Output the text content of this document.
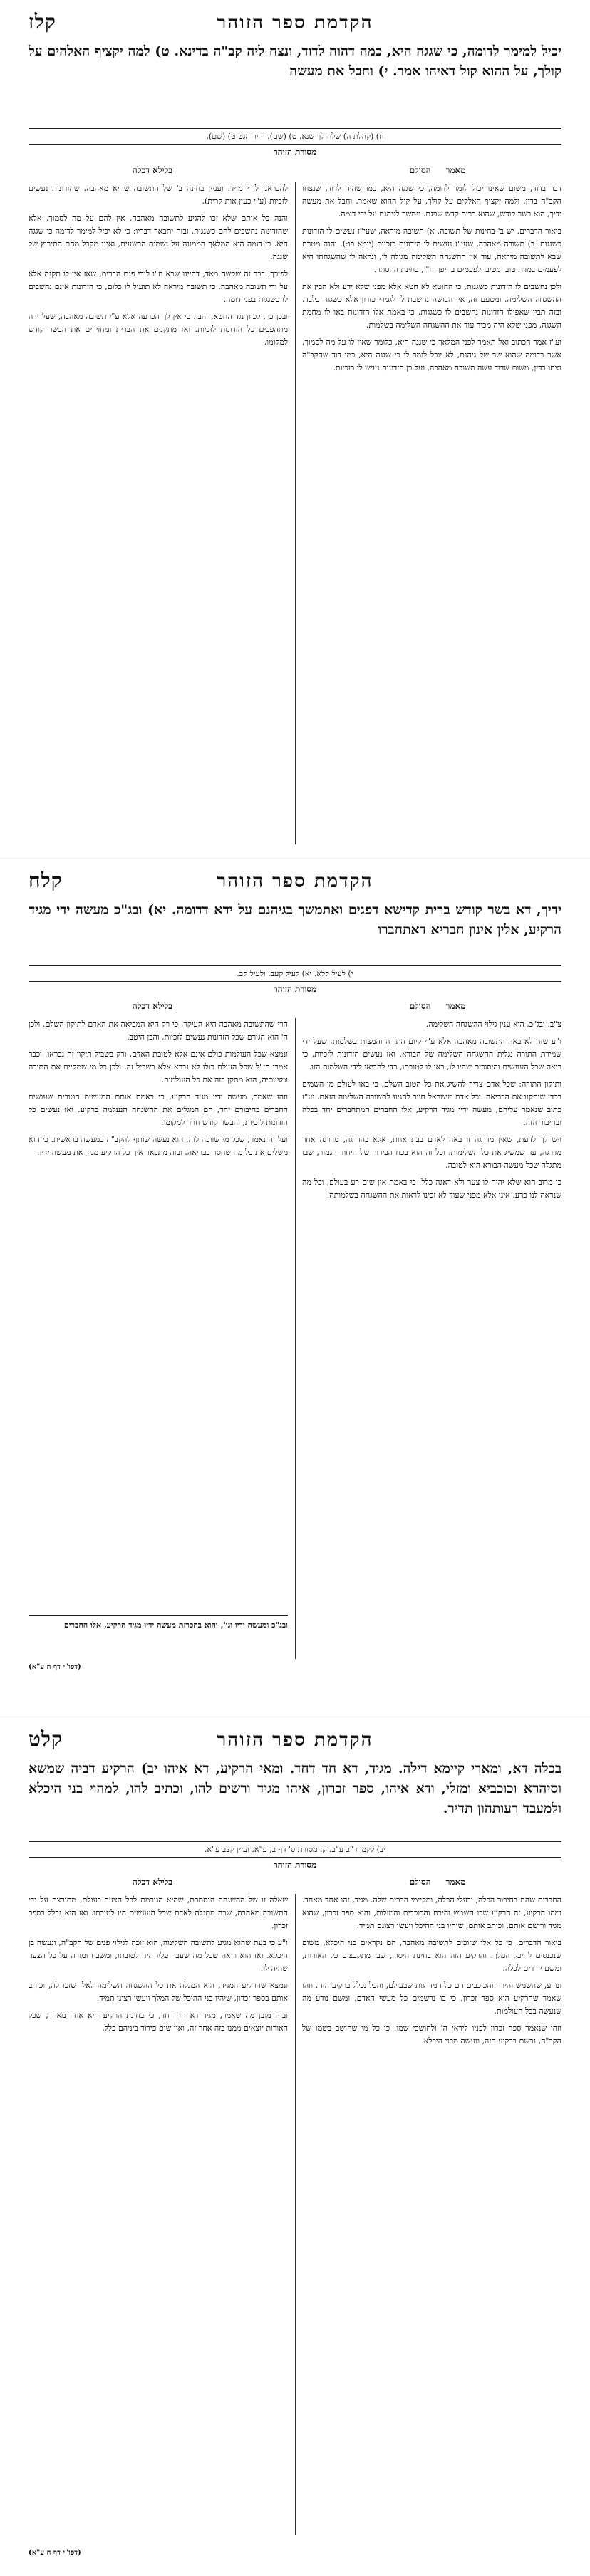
קלז	הקדמת ספר הזוהר
יכיל למימר לדומה, כי שגגה היא, כמה דהוה לדוד, ונצח ליה קב"ה בדינא. ט) למה יקציף האלהים על קולך, על ההוא קול דאיהו אמר. י) וחבל את מעשה
ח) (קהלת ה) שלח לך שנא. ט) (שם). יהיר הגט ט) (שם).
מסורת הזוהר
מאמר     הסולם
בלילא דכלה

דבר בדוד, משום שאינו יכול לומר לדומה, כי שגגה היא, כמו שהיה לדוד, שנצחו הקב"ה בדין. ולמה יקציף האלקים על קולך, על קול ההוא שאמר. וחבל את מעשה ידיך, הוא בשר קודש, שהוא ברית קדש שפגם. ונמשך לגיהנם על ידי דומה.

ביאור הדברים. יש ב' בחינות של תשובה. א) תשובה מיראה, שעי"ז נעשים לו הזדונות כשגגות. ב) תשובה מאהבה, שעי"ז נעשים לו הזדונות כזכיות (יומא פו:). והנה מטרם שבא לתשובה מיראה, עוד אין ההשגחה השלימה מגולה לו, ונראה לו שהשגחתו היא לפעמים במדת טוב ומטיב ולפעמים בהיפך ח"ו, בחינת ההסתר.

ולכן נחשבים לו הזדונות כשגגות, כי החוטא לא חטא אלא מפני שלא ידע ולא הבין את ההשגחה השלימה. ומטעם זה, אין הבושה נחשבת לו לגמרי כזדון אלא כשגגה בלבד. ובזה תבין שאפילו הזדונות נחשבים לו כשגגות, כי באמת אלו הזדונות באו לו מחמת השגגה, מפני שלא היה מכיר עוד את ההשגחה השלימה בשלמות.

וע"ז אמר הכתוב ואל תאמר לפני המלאך כי שגגה היא, כלומר שאין לו על מה לסמוך, אשר בדומה שהוא שר של גיהנם, לא יוכל לומר לו כי שגגה היא, כמו דוד שהקב"ה נצחו בדין, משום שדוד עשה תשובה מאהבה, ועל כן הזדונות נעשו לו כזכיות.

להבראנו לידי מזיד. ועניין בחינה ב' של התשובה שהיא מאהבה. שהזדונות נעשים לזכיות (ע"י כעין אות קרית).

והנה כל אותם שלא זכו להגיע לתשובה מאהבה, אין להם על מה לסמוך, אלא שהזדונות נחשבים להם כשגגות. ובזה יתבאר דבריו: כי לא יכיל למימר לדומה כי שגגה היא. כי דומה הוא המלאך הממונה על נשמות הרשעים, ואינו מקבל מהם התירוץ של שגגה.

לפיכך, דבר זה שקשה מאד, דהיינו שבא ח"ו לידי פגם הברית, שאז אין לו תקנה אלא על ידי תשובה מאהבה. כי תשובה מיראה לא תועיל לו כלום, כי הזדונות אינם נחשבים לו כשגגות בפני דומה.

ובכן כך, לכוון נגד החטא, והבן. כי אין לך הכרעה אלא ע"י תשובה מאהבה, שעל ידה מתהפכים כל הזדונות לזכיות. ואז מתקנים את הברית ומחזירים את הבשר קודש למקומו.

קלח	הקדמת ספר הזוהר
ידיך, דא בשר קודש ברית קדישא דפגים ואתמשך בגיהנם על ידא דדומה. יא) ובג"כ מעשה ידי מגיד הרקיע, אלין אינון חבריא דאתחברו
י) לעיל קלא. יא) לעיל קעב. ולעיל קב.
מסורת הזוהר
מאמר     הסולם
בלילא דכלה

צ"ב. ובג"כ, הוא ענין גילוי ההשגחה השלימה.

ו"ע שזה לא באה התשובה מאהבה אלא ע"י קיום התורה והמצות בשלמות, שעל ידי שמירת התורה נגלית ההשגחה השלימה של הבורא. ואז נעשים הזדונות לזכיות, כי רואה שכל העונשים והיסורים שהיו לו, באו לו לטובתו, כדי להביאו לידי השלמות הזו.

ותיקון התורה: שכל אדם צריך להשיג את כל הטוב השלם, כי באו לעולם מן השמים בכדי שיתקנו את הבריאה. וכל אדם מישראל חייב להגיע לתשובה השלימה הזאת. וע"ז כתוב שנאמר עליהם, מעשה ידיו מגיד הרקיע, אלו החברים המתחברים יחד בכלה ובחיבור הזה.

ויש לך לדעת, שאין מדרגה זו באה לאדם בבת אחת, אלא בהדרגה, מדרגה אחר מדרגה, עד שמשיג את כל השלימות. וכל זה הוא בכח הבירור של היחוד הגמור, שבו מתגלה שכל מעשה הבורא הוא לטובה.

כי מרוב הוא שלא יהיה לו צער ולא דאגה כלל. כי באמת אין שום רע בעולם, וכל מה שנראה לנו כרע, אינו אלא מפני שעוד לא זכינו לראות את ההשגחה בשלמותה.

הרי שהתשובה מאהבה היא העיקר, כי רק היא המביאה את האדם לתיקון השלם. ולכן ה' הוא הגורם שכל הזדונות נעשים לזכיות, והבן היטב.

ונמצא שכל העולמות כולם אינם אלא לטובת האדם, ורק בשביל תיקון זה נבראו. וכבר אמרו חז"ל שכל העולם כולו לא נברא אלא בשביל זה. ולכן כל מי שמקיים את התורה ומצוותיה, הוא מתקן בזה את כל העולמות.

וזהו שאמר, מעשה ידיו מגיד הרקיע, כי באמת אותם המעשים הטובים שעושים החברים בחיבורם יחד, הם המגלים את ההשגחה הנעלמה ברקיע. ואז נעשים כל הזדונות לזכיות, והבשר קודש חוזר למקומו.

ועל זה נאמר, שכל מי שזוכה לזה, הוא נעשה שותף להקב"ה במעשה בראשית. כי הוא משלים את כל מה שחסר בבריאה. ובזה מתבאר איך כל הרקיע מגיד את מעשה ידיו.

ובג"כ ומעשה ידיו וגו', והוא בהכרזת מעשה ידיו מגיד הרקיע, אלו החברים
(דפו"י דף ח ע"א)
קלט	הקדמת ספר הזוהר
בכלה דא, ומארי קיימא דילה. מגיד, דא חד דחד. ומאי הרקיע, דא איהו יב) הרקיע דביה שמשא וסיהרא וכוכביא ומזלי, ודא איהו, ספר זכרון, איהו מגיד ורשים להו, וכתיב להו, למהוי בני היכלא ולמעבד רעותהון תדיר.
יב) לקמן ר"ב ע"ב. ק. מסורת ס' דף ב, ע"א. ועיין קצב ע"א.
מסורת הזוהר
מאמר     הסולם
בלילא דכלה

החברים שהם בחיבור הכלה, ובעלי הכלה, ומקיימי הברית שלה. מגיד, זהו אחד מאחד. ומהו הרקיע, זה הרקיע שבו השמש והירח והכוכבים והמזלות, והוא ספר זכרון, שהוא מגיד ורושם אותם, וכותב אותם, שיהיו בני ההיכל ויעשו רצונם תמיד.

ביאור הדברים. כי כל אלו שזוכים לתשובה מאהבה, הם נקראים בני היכלא, משום שנכנסים להיכל המלך. והרקיע הזה הוא בחינת היסוד, שבו מתקבצים כל האורות, ומשם יורדים לכלה.

ונודע, שהשמש והירח והכוכבים הם כל המדרגות שבעולם, והכל נכלל ברקיע הזה. וזהו שאמר שהרקיע הוא ספר זכרון, כי בו נרשמים כל מעשי האדם, ומשם נודע מה שנעשה בכל העולמות.

וזהו שנאמר ספר זכרון לפניו ליראי ה' ולחושבי שמו. כי כל מי שחושב בשמו של הקב"ה, נרשם ברקיע הזה, ונעשה מבני היכלא.

שאלה זו של ההשגחה הנסתרת, שהיא הגורמת לכל הצער בעולם, מתורצת על ידי התשובה מאהבה, שבה מתגלה לאדם שכל העונשים היו לטובתו. ואז הוא נכלל בספר זכרון.

ו"ע כי בעת שהוא מגיע לתשובה השלימה, הוא זוכה לגילוי פנים של הקב"ה, ונעשה בן היכלא. ואז הוא רואה שכל מה שעבר עליו היה לטובתו, ומשבח ומודה על כל הצער שהיה לו.

ונמצא שהרקיע המגיד, הוא המגלה את כל ההשגחה השלימה לאלו שזכו לה, וכותב אותם בספר זכרון, שיהיו בני ההיכל של המלך ויעשו רצונו תמיד.

ובזה מובן מה שאמר, מגיד דא חד דחד, כי בחינת הרקיע היא אחד מאחד, שכל האורות יוצאים ממנו בזה אחר זה, ואין שום פירוד ביניהם כלל.

(דפו"י דף ח ע"א)
